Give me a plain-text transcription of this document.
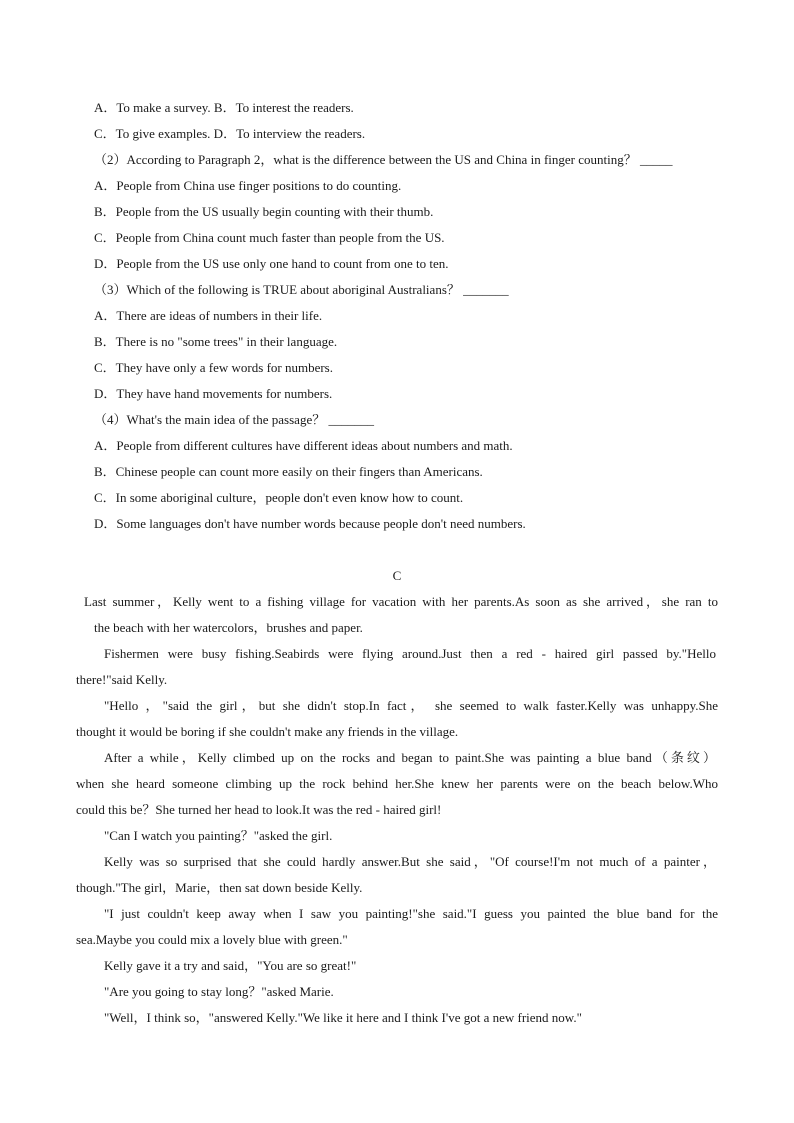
A．To make a survey. B．To interest the readers.
C．To give examples. D．To interview the readers.
（2）According to Paragraph 2，what is the difference between the US and China in finger counting？ _____
A．People from China use finger positions to do counting.
B．People from the US usually begin counting with their thumb.
C．People from China count much faster than people from the US.
D．People from the US use only one hand to count from one to ten.
（3）Which of the following is TRUE about aboriginal Australians？ _______
A．There are ideas of numbers in their life.
B．There is no "some trees" in their language.
C．They have only a few words for numbers.
D．They have hand movements for numbers.
（4）What's the main idea of the passage？ _______
A．People from different cultures have different ideas about numbers and math.
B．Chinese people can count more easily on their fingers than Americans.
C．In some aboriginal culture，people don't even know how to count.
D．Some languages don't have number words because people don't need numbers.
C
Last summer，Kelly went to a fishing village for vacation with her parents.As soon as she arrived，she ran to
the beach with her watercolors，brushes and paper.
Fishermen were busy fishing.Seabirds were flying around.Just then a red - haired girl passed by."Hello
there!"said Kelly.
"Hello ，"said the girl，but she didn't stop.In fact， she seemed to walk faster.Kelly was unhappy.She
thought it would be boring if she couldn't make any friends in the village.
After a while，Kelly climbed up on the rocks and began to paint.She was painting a blue band（条纹）
when she heard someone climbing up the rock behind her.She knew her parents were on the beach below.Who
could this be？She turned her head to look.It was the red - haired girl!
"Can I watch you painting？"asked the girl.
Kelly was so surprised that she could hardly answer.But she said，"Of course!I'm not much of a painter，
though."The girl，Marie，then sat down beside Kelly.
"I just couldn't keep away when I saw you painting!"she said."I guess you painted the blue band for the
sea.Maybe you could mix a lovely blue with green."
Kelly gave it a try and said，"You are so great!"
"Are you going to stay long？"asked Marie.
"Well，I think so，"answered Kelly."We like it here and I think I've got a new friend now."
